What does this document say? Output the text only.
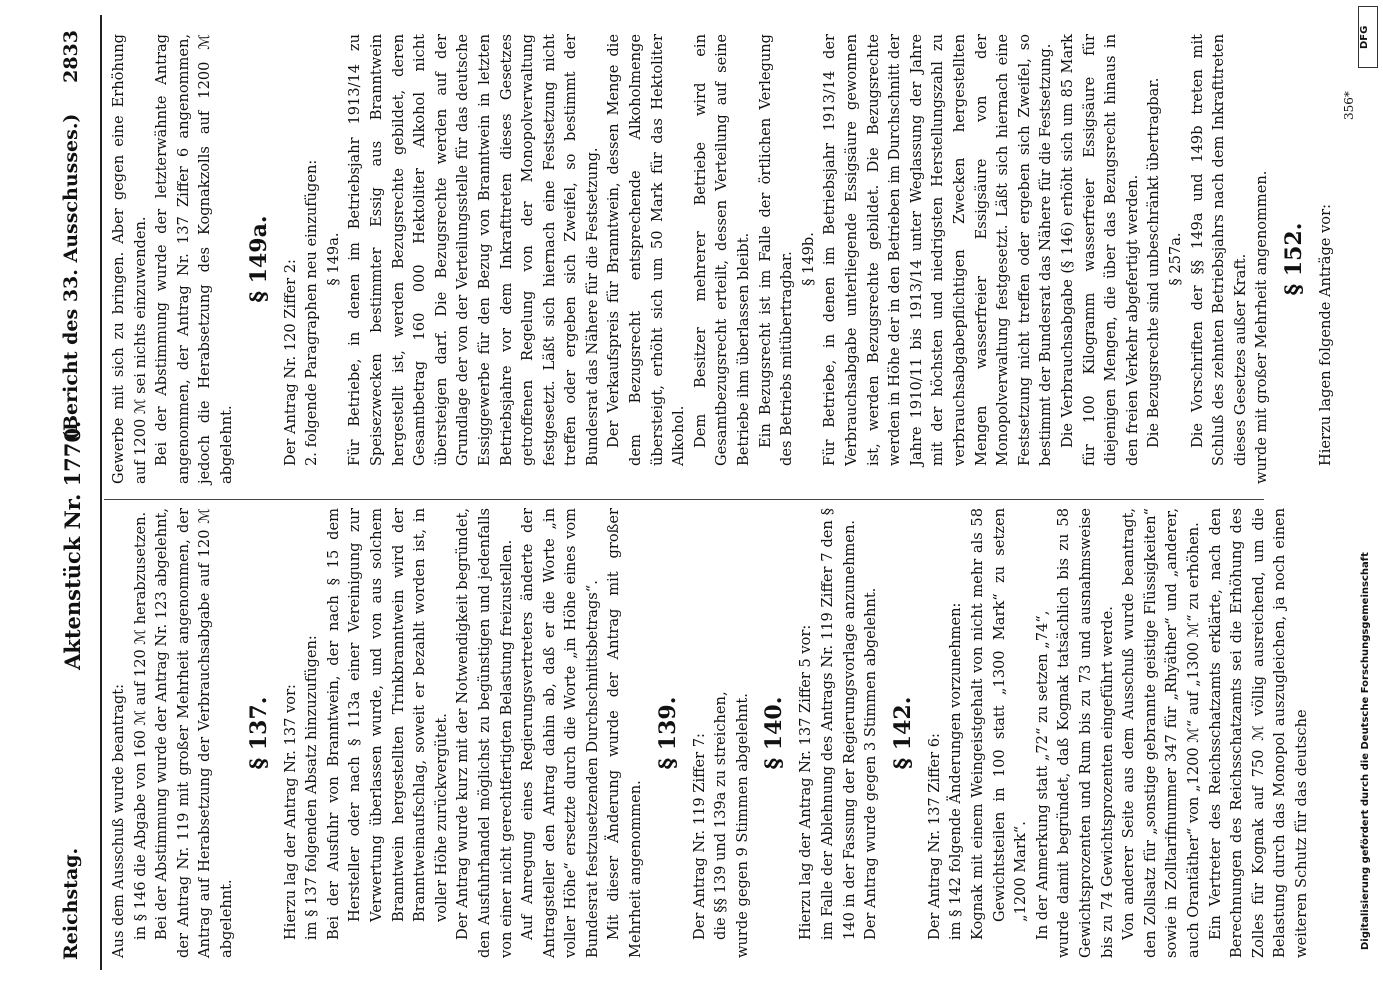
Reichstag.
Aktenstück Nr. 1770.
(Bericht des 33. Ausschusses.)
2833

Aus dem Ausschuß wurde beantragt: in § 146 die Abgabe von 160 ℳ auf 120 ℳ herabzusetzen. Bei der Abstimmung wurde der Antrag Nr. 123 abgelehnt, der Antrag Nr. 119 mit großer Mehrheit angenommen, der Antrag auf Herabsetzung der Verbrauchsabgabe auf 120 ℳ abgelehnt.

§ 137. Hierzu lag der Antrag Nr. 137 vor: im § 137 folgenden Absatz hinzuzufügen: Bei der Ausfuhr von Branntwein, der nach § 15 dem Hersteller oder nach § 113a einer Vereinigung zur Verwertung überlassen wurde, und von aus solchem Branntwein hergestellten Trinkbranntwein wird der Branntweinaufschlag, soweit er bezahlt worden ist, in voller Höhe zurückvergütet. Der Antrag wurde kurz mit der Notwendigkeit begründet, den Ausfuhrhandel möglichst zu begünstigen und jedenfalls von einer nicht gerechtfertigten Belastung freizustellen. Auf Anregung eines Regierungsvertreters änderte der Antragsteller den Antrag dahin ab, daß er die Worte „in voller Höhe“ ersetzte durch die Worte „in Höhe eines vom Bundesrat festzusetzenden Durchschnittsbetrags“. Mit dieser Änderung wurde der Antrag mit großer Mehrheit angenommen.

§ 139.

Der Antrag Nr. 119 Ziffer 7: die §§ 139 und 139a zu streichen, wurde gegen 9 Stimmen abgelehnt. § 140. Hierzu lag der Antrag Nr. 137 Ziffer 5 vor: im Falle der Ablehnung des Antrags Nr. 119 Ziffer 7 den § 140 in der Fassung der Regierungsvorlage anzunehmen. Der Antrag wurde gegen 3 Stimmen abgelehnt. § 142.

Der Antrag Nr. 137 Ziffer 6: im § 142 folgende Änderungen vorzunehmen: Kognak mit einem Weingeistgehalt von nicht mehr als 58 Gewichtsteilen in 100 statt „1300 Mark“ zu setzen „1200 Mark“. In der Anmerkung statt „72“ zu setzen „74“, wurde damit begründet, daß Kognak tatsächlich bis zu 58 Gewichtsprozenten und Rum bis zu 73 und ausnahmsweise bis zu 74 Gewichtsprozenten eingeführt werde. Von anderer Seite aus dem Ausschuß wurde beantragt, den Zollsatz für „sonstige gebrannte geistige Flüssigkeiten“ sowie in Zolltarifnummer 347 für „Rhyäther“ und „anderer, auch Orantäther“ von „1200 ℳ“ auf „1300 ℳ“ zu erhöhen. Ein Vertreter des Reichsschatzamts erklärte, nach den Berechnungen des Reichsschatzamts sei die Erhöhung des Zolles für Kognak auf 750 ℳ völlig ausreichend, um die Belastung durch das Monopol auszugleichen, ja noch einen weiteren Schutz für das deutsche

Gewerbe mit sich zu bringen. Aber gegen eine Erhöhung auf 1200 ℳ sei nichts einzuwenden. Bei der Abstimmung wurde der letzterwähnte Antrag angenommen, der Antrag Nr. 137 Ziffer 6 angenommen, jedoch die Herabsetzung des Kognakzolls auf 1200 ℳ abgelehnt.

§ 149a.

Der Antrag Nr. 120 Ziffer 2: 2. folgende Paragraphen neu einzufügen: § 149a. Für Betriebe, in denen im Betriebsjahr 1913/14 zu Speisezwecken bestimmter Essig aus Branntwein hergestellt ist, werden Bezugsrechte gebildet, deren Gesamtbetrag 160 000 Hektoliter Alkohol nicht übersteigen darf. Die Bezugsrechte werden auf der Grundlage der von der Verteilungsstelle für das deutsche Essiggewerbe für den Bezug von Branntwein in letzten Betriebsjahre vor dem Inkrafttreten dieses Gesetzes getroffenen Regelung von der Monopolverwaltung festgesetzt. Läßt sich hiernach eine Festsetzung nicht treffen oder ergeben sich Zweifel, so bestimmt der Bundesrat das Nähere für die Festsetzung. Der Verkaufspreis für Branntwein, dessen Menge die dem Bezugsrecht entsprechende Alkoholmenge übersteigt, erhöht sich um 50 Mark für das Hektoliter Alkohol. Dem Besitzer mehrerer Betriebe wird ein Gesamtbezugsrecht erteilt, dessen Verteilung auf seine Betriebe ihm überlassen bleibt. Ein Bezugsrecht ist im Falle der örtlichen Verlegung des Betriebs mitübertragbar. § 149b. Für Betriebe, in denen im Betriebsjahr 1913/14 der Verbrauchsabgabe unterliegende Essigsäure gewonnen ist, werden Bezugsrechte gebildet. Die Bezugsrechte werden in Höhe der in den Betrieben im Durchschnitt der Jahre 1910/11 bis 1913/14 unter Weglassung der Jahre mit der höchsten und niedrigsten Herstellungszahl zu verbrauchsabgabepflichtigen Zwecken hergestellten Mengen wasserfreier Essigsäure von der Monopolverwaltung festgesetzt. Läßt sich hiernach eine Festsetzung nicht treffen oder ergeben sich Zweifel, so bestimmt der Bundesrat das Nähere für die Festsetzung. Die Verbrauchsabgabe (§ 146) erhöht sich um 85 Mark für 100 Kilogramm wasserfreier Essigsäure für diejenigen Mengen, die über das Bezugsrecht hinaus in den freien Verkehr abgefertigt werden. Die Bezugsrechte sind unbeschränkt übertragbar. § 257a. Die Vorschriften der §§ 149a und 149b treten mit Schluß des zehnten Betriebsjahrs nach dem Inkrafttreten dieses Gesetzes außer Kraft. wurde mit großer Mehrheit angenommen. § 152. Hierzu lagen folgende Anträge vor:

356*
DFG
Digitalisierung gefördert durch die Deutsche Forschungsgemeinschaft
